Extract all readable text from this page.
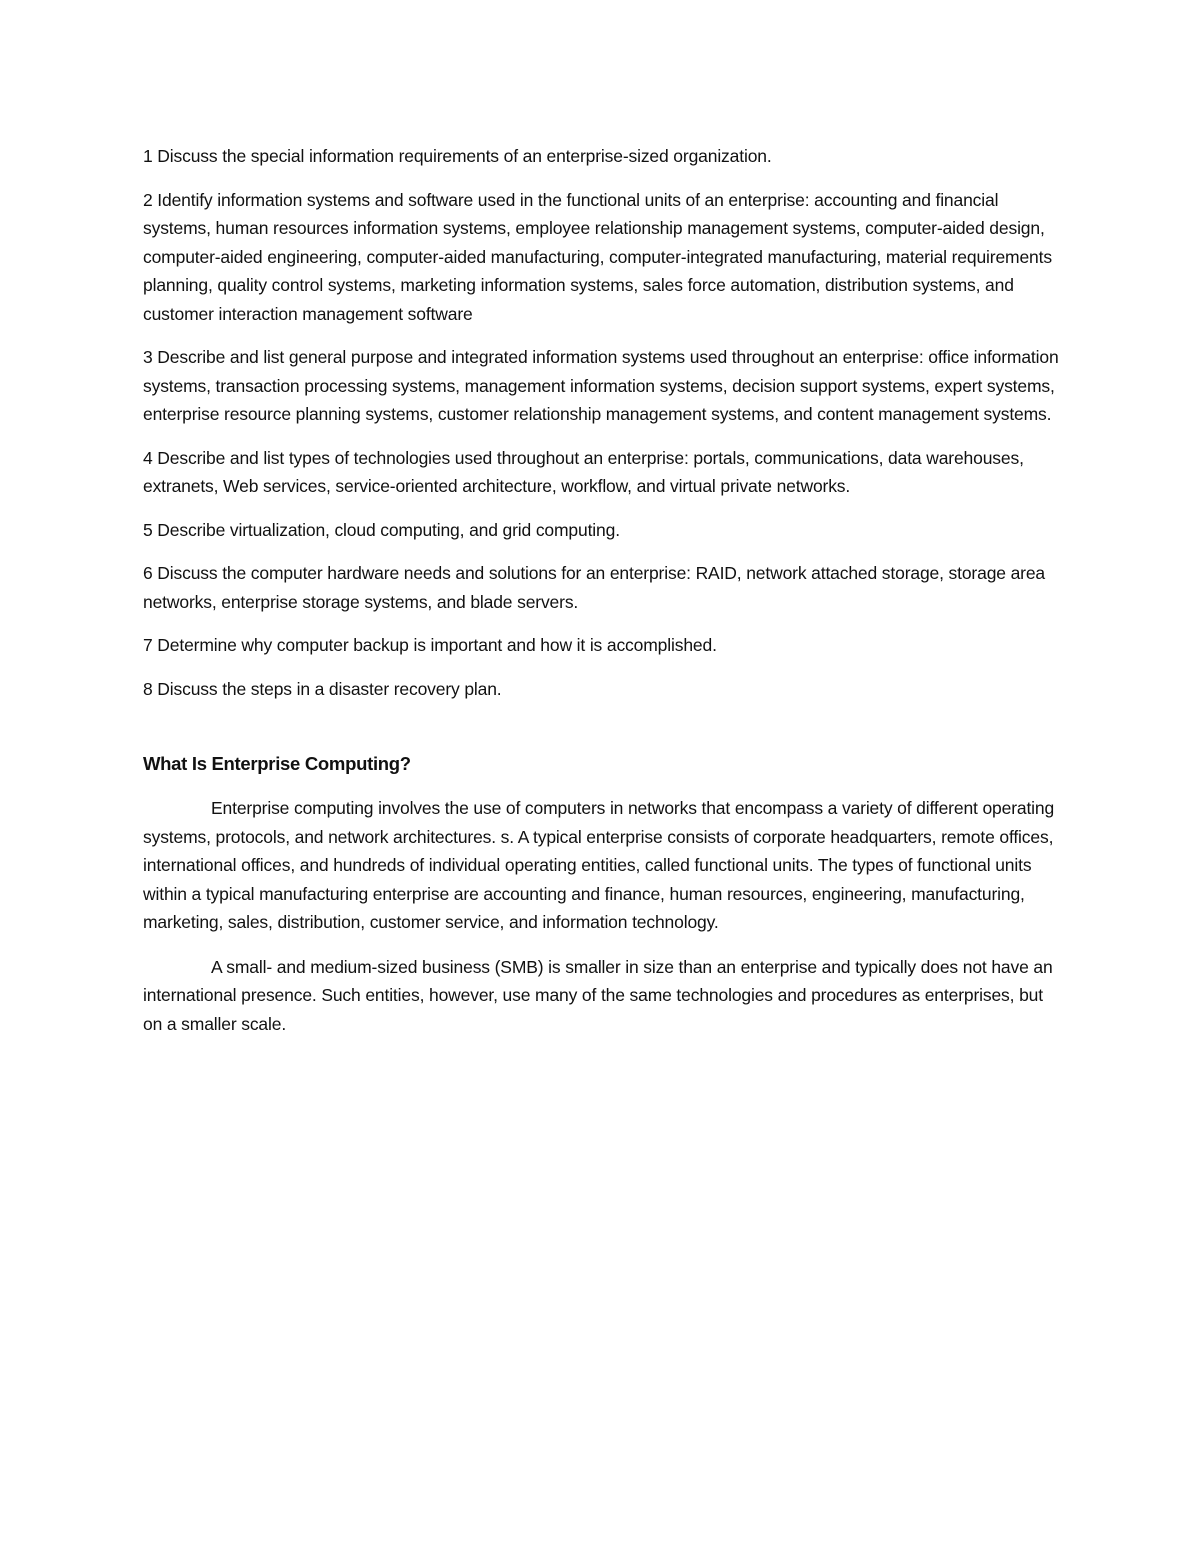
1 Discuss the special information requirements of an enterprise-sized organization.

2 Identify information systems and software used in the functional units of an enterprise: accounting and financial systems, human resources information systems, employee relationship management systems, computer-aided design, computer-aided engineering, computer-aided manufacturing, computer-integrated manufacturing, material requirements planning, quality control systems, marketing information systems, sales force automation, distribution systems, and customer interaction management software

3 Describe and list general purpose and integrated information systems used throughout an enterprise: office information systems, transaction processing systems, management information systems, decision support systems, expert systems, enterprise resource planning systems, customer relationship management systems, and content management systems.

4 Describe and list types of technologies used throughout an enterprise: portals, communications, data warehouses, extranets, Web services, service-oriented architecture, workflow, and virtual private networks.

5 Describe virtualization, cloud computing, and grid computing.

6 Discuss the computer hardware needs and solutions for an enterprise: RAID, network attached storage, storage area networks, enterprise storage systems, and blade servers.

7 Determine why computer backup is important and how it is accomplished.

8 Discuss the steps in a disaster recovery plan.

What Is Enterprise Computing?

Enterprise computing involves the use of computers in networks that encompass a variety of different operating systems, protocols, and network architectures. s. A typical enterprise consists of corporate headquarters, remote offices, international offices, and hundreds of individual operating entities, called functional units. The types of functional units within a typical manufacturing enterprise are accounting and finance, human resources, engineering, manufacturing, marketing, sales, distribution, customer service, and information technology.

A small- and medium-sized business (SMB) is smaller in size than an enterprise and typically does not have an international presence. Such entities, however, use many of the same technologies and procedures as enterprises, but on a smaller scale.
